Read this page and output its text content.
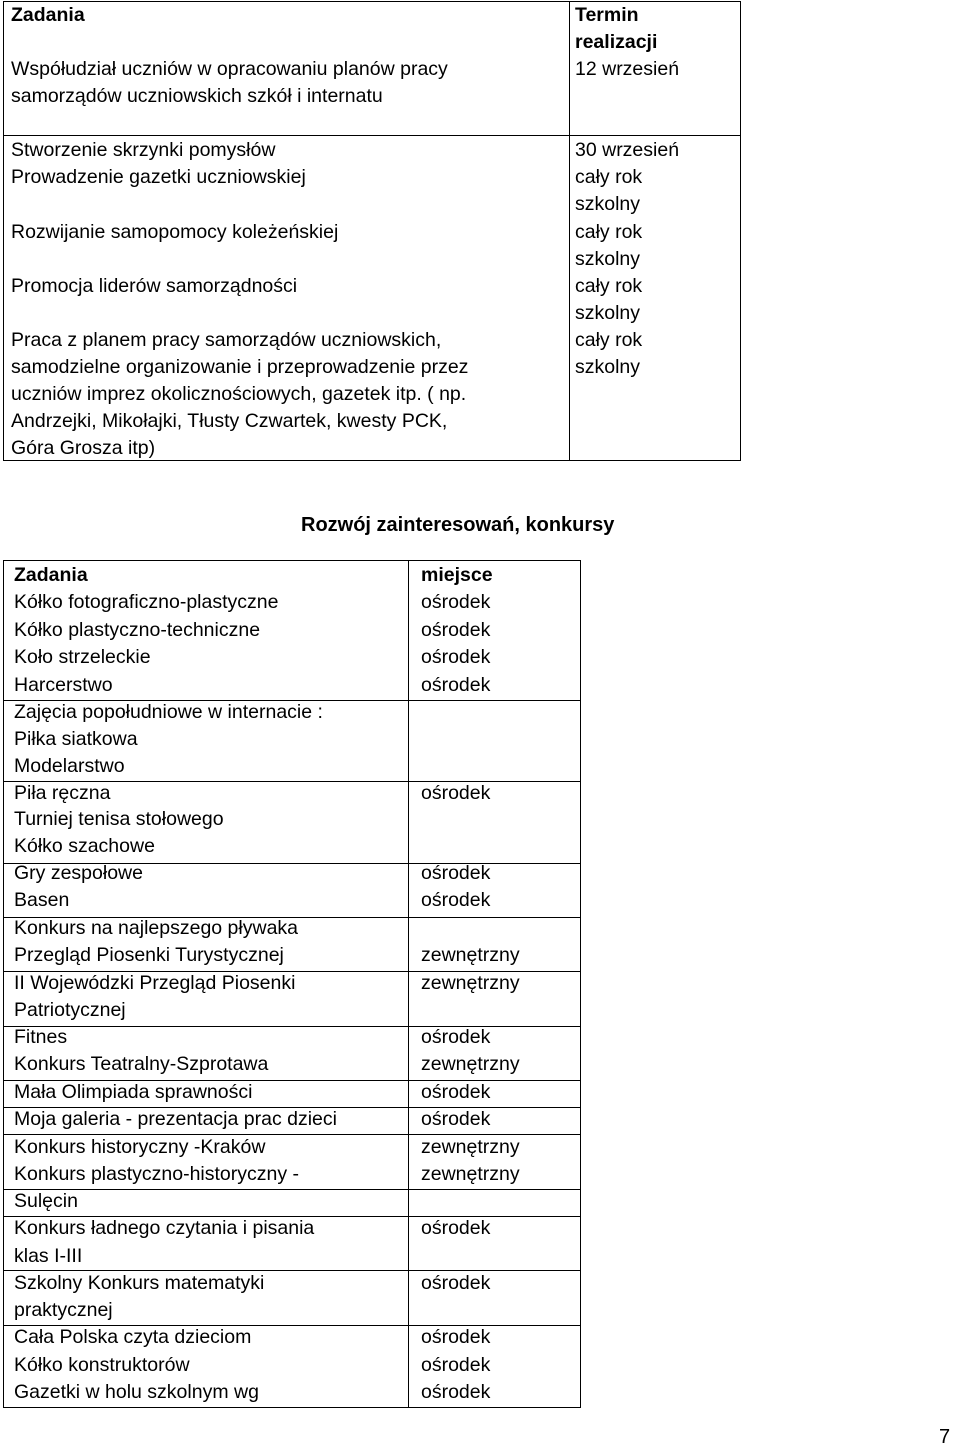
Zadania	Termin
realizacji
Współudział uczniów w opracowaniu planów pracy
samorządów uczniowskich szkół i internatu
Stworzenie skrzynki pomysłów
Prowadzenie gazetki uczniowskiej
Rozwijanie samopomocy koleżeńskiej
Promocja liderów samorządności
Praca z planem pracy samorządów uczniowskich,
samodzielne organizowanie i przeprowadzenie przez
uczniów imprez okolicznościowych, gazetek itp. ( np.
Andrzejki, Mikołajki, Tłusty Czwartek, kwesty PCK,
Góra Grosza itp)
12 wrzesień
30 wrzesień
cały rok
szkolny
cały rok
szkolny
cały rok
szkolny
cały rok
szkolny
Rozwój zainteresowań, konkursy
Zadania	miejsce
Kółko fotograficzno-plastyczne
Kółko plastyczno-techniczne
Koło strzeleckie
Harcerstwo
Zajęcia popołudniowe w internacie :
Piłka siatkowa
Modelarstwo
Piła ręczna
Turniej tenisa stołowego
Kółko szachowe
Gry zespołowe
Basen
Konkurs na najlepszego pływaka
Przegląd Piosenki Turystycznej
II Wojewódzki Przegląd Piosenki
Patriotycznej
Fitnes
Konkurs Teatralny-Szprotawa
Mała Olimpiada sprawności
Moja galeria - prezentacja prac dzieci
Konkurs historyczny -Kraków
Konkurs plastyczno-historyczny -
Sulęcin
Konkurs ładnego czytania i pisania
klas I-III
Szkolny Konkurs matematyki
praktycznej
Cała Polska czyta dzieciom
Kółko konstruktorów
Gazetki w holu szkolnym wg
ośrodek
ośrodek
ośrodek
ośrodek
ośrodek
ośrodek
ośrodek
zewnętrzny
zewnętrzny
ośrodek
zewnętrzny
ośrodek
ośrodek
zewnętrzny
zewnętrzny
ośrodek
ośrodek
ośrodek
ośrodek
ośrodek
7
